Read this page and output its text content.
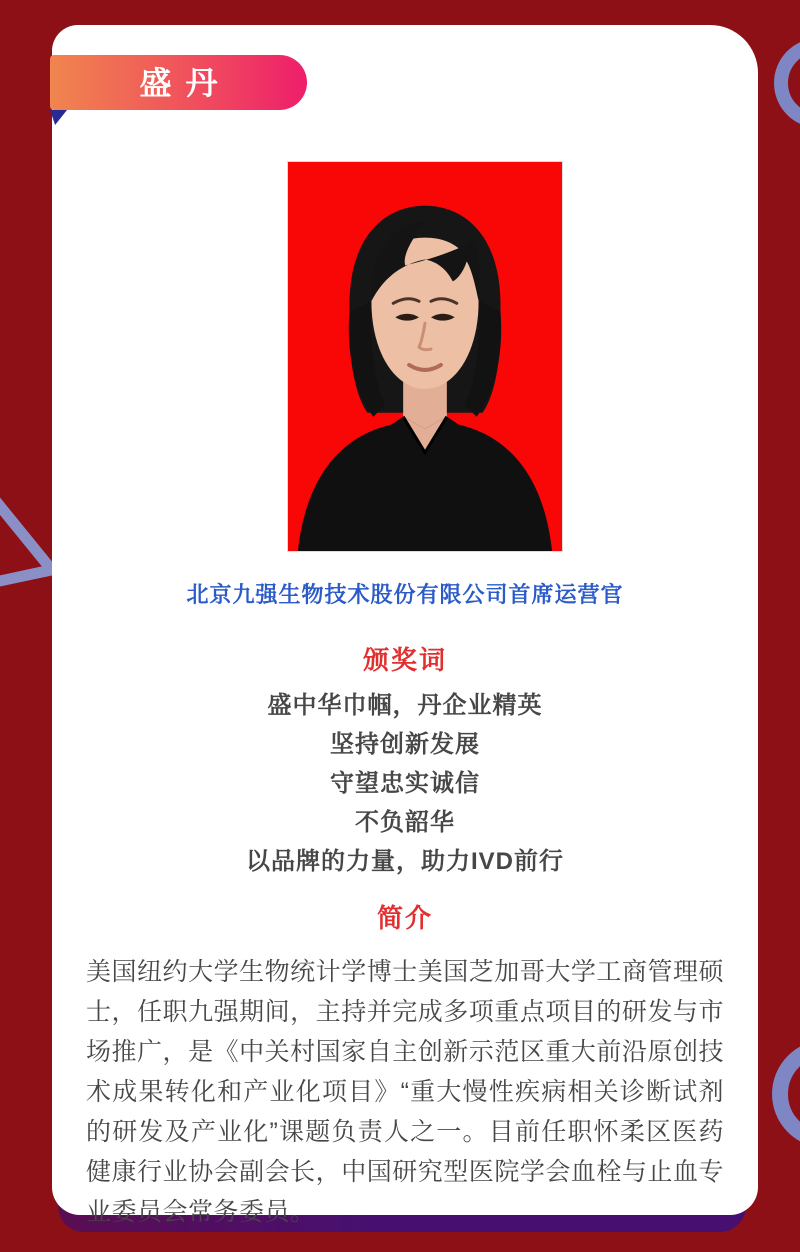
盛丹
北京九强生物技术股份有限公司首席运营官
颁奖词
盛中华巾帼，丹企业精英
坚持创新发展
守望忠实诚信
不负韶华
以品牌的力量，助力IVD前行
简介
美国纽约大学生物统计学博士美国芝加哥大学工商管理硕士，任职九强期间，主持并完成多项重点项目的研发与市场推广，是《中关村国家自主创新示范区重大前沿原创技术成果转化和产业化项目》“重大慢性疾病相关诊断试剂的研发及产业化”课题负责人之一。目前任职怀柔区医药健康行业协会副会长，中国研究型医院学会血栓与止血专业委员会常务委员。
